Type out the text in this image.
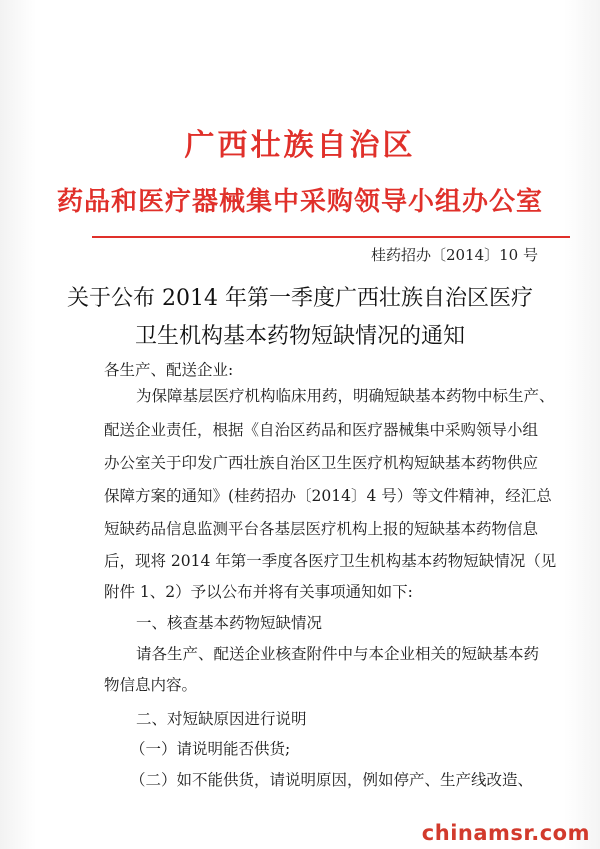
广西壮族自治区
药品和医疗器械集中采购领导小组办公室
桂药招办〔2014〕10 号
关于公布 2014 年第一季度广西壮族自治区医疗
卫生机构基本药物短缺情况的通知
各生产、配送企业:
为保障基层医疗机构临床用药，明确短缺基本药物中标生产、
配送企业责任，根据《自治区药品和医疗器械集中采购领导小组
办公室关于印发广西壮族自治区卫生医疗机构短缺基本药物供应
保障方案的通知》(桂药招办〔2014〕4 号）等文件精神，经汇总
短缺药品信息监测平台各基层医疗机构上报的短缺基本药物信息
后，现将 2014 年第一季度各医疗卫生机构基本药物短缺情况（见
附件 1、2）予以公布并将有关事项通知如下:
一、核查基本药物短缺情况
请各生产、配送企业核查附件中与本企业相关的短缺基本药
物信息内容。
二、对短缺原因进行说明
（一）请说明能否供货;
（二）如不能供货，请说明原因，例如停产、生产线改造、
chinamsr.com
